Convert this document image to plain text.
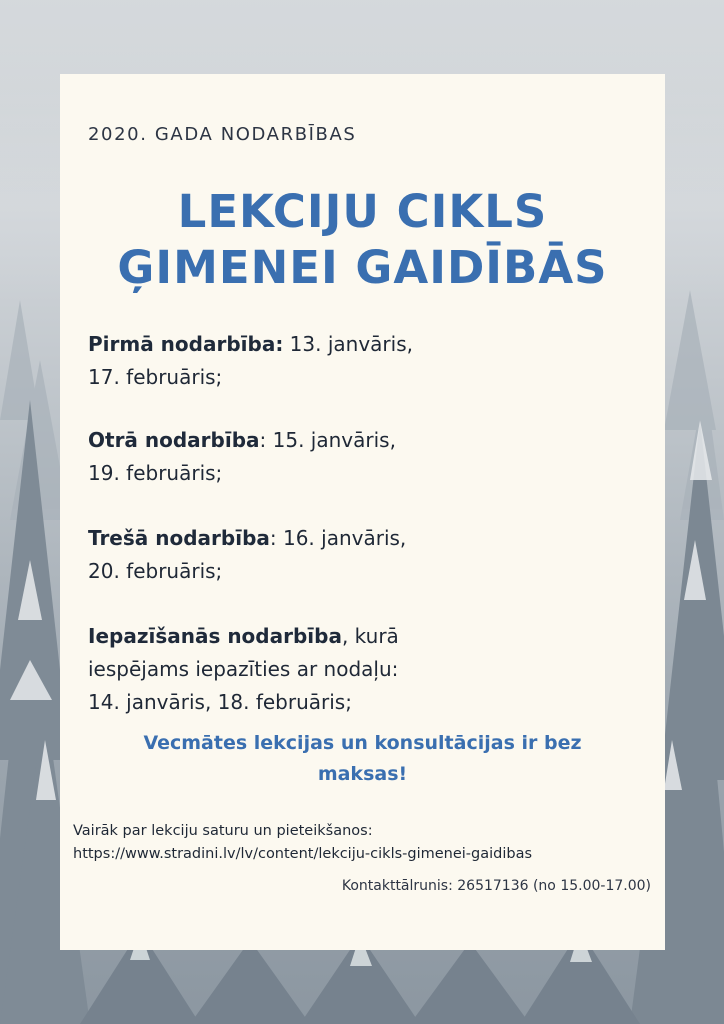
2020. GADA NODARBĪBAS
LEKCIJU CIKLS
ĢIMENEI GAIDĪBĀS
Pirmā nodarbība: 13. janvāris,
17. februāris;
Otrā nodarbība: 15. janvāris,
19. februāris;
Trešā nodarbība: 16. janvāris,
20. februāris;
Iepazīšanās nodarbība, kurā
iespējams iepazīties ar nodaļu:
14. janvāris, 18. februāris;
Vecmātes lekcijas un konsultācijas ir bez
maksas!
Vairāk par lekciju saturu un pieteikšanos:
https://www.stradini.lv/lv/content/lekciju-cikls-gimenei-gaidibas
Kontakttālrunis: 26517136 (no 15.00-17.00)
